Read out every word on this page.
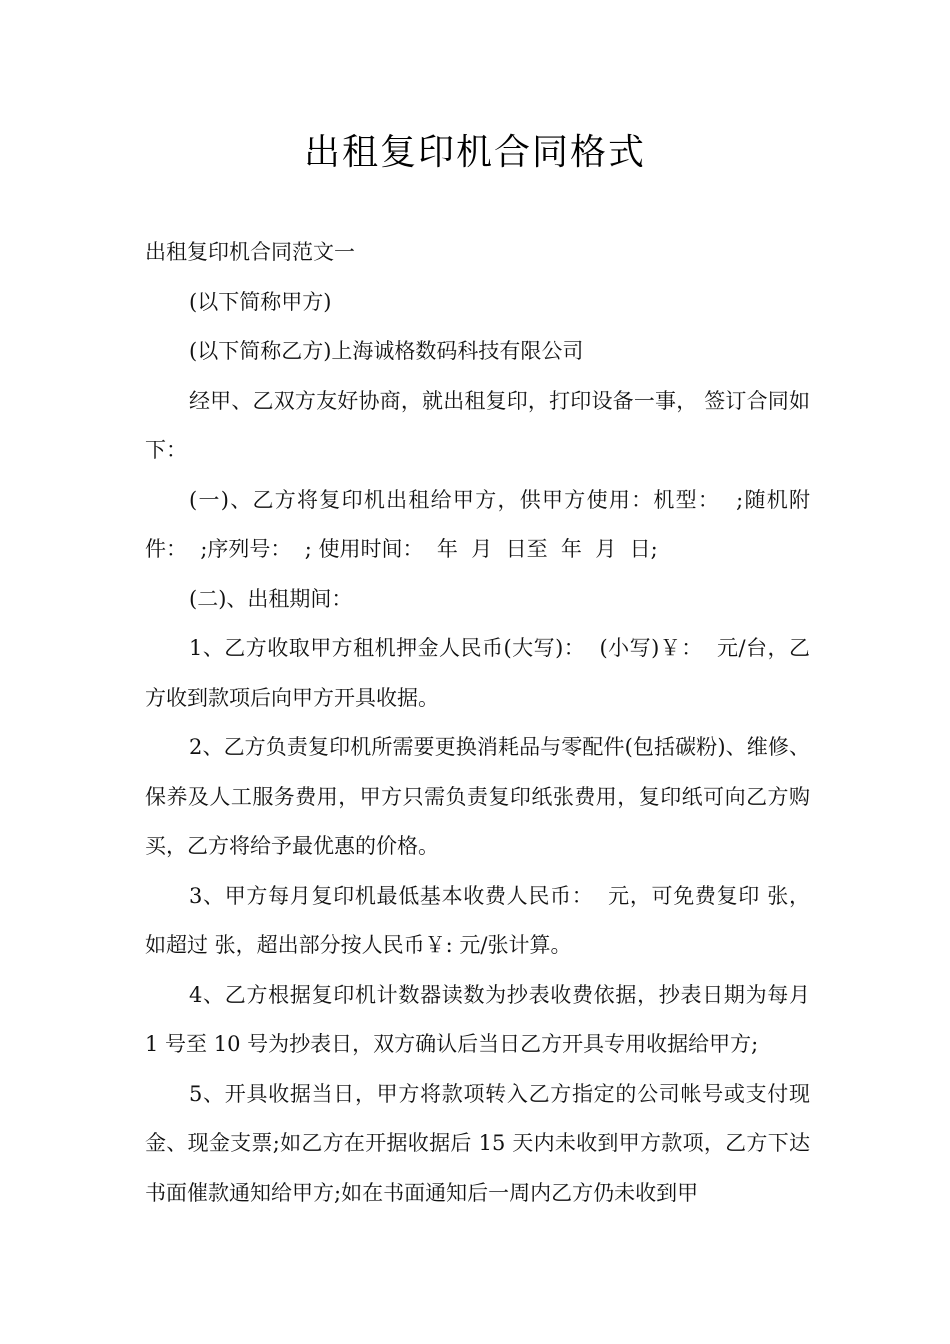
出租复印机合同格式

出租复印机合同范文一

(以下简称甲方)

(以下简称乙方)上海诚格数码科技有限公司

经甲、乙双方友好协商，就出租复印，打印设备一事， 签订合同如下：

(一)、乙方将复印机出租给甲方，供甲方使用：机型：  ;随机附件：  ;序列号：  ; 使用时间：  年  月  日至  年  月  日;

(二)、出租期间：

1、乙方收取甲方租机押金人民币(大写)：  (小写)￥：  元/台，乙方收到款项后向甲方开具收据。

2、乙方负责复印机所需要更换消耗品与零配件(包括碳粉)、维修、保养及人工服务费用，甲方只需负责复印纸张费用，复印纸可向乙方购买，乙方将给予最优惠的价格。

3、甲方每月复印机最低基本收费人民币：  元，可免费复印 张，如超过 张，超出部分按人民币￥: 元/张计算。

4、乙方根据复印机计数器读数为抄表收费依据，抄表日期为每月 1 号至 10 号为抄表日，双方确认后当日乙方开具专用收据给甲方;

5、开具收据当日，甲方将款项转入乙方指定的公司帐号或支付现金、现金支票;如乙方在开据收据后 15 天内未收到甲方款项，乙方下达书面催款通知给甲方;如在书面通知后一周内乙方仍未收到甲
